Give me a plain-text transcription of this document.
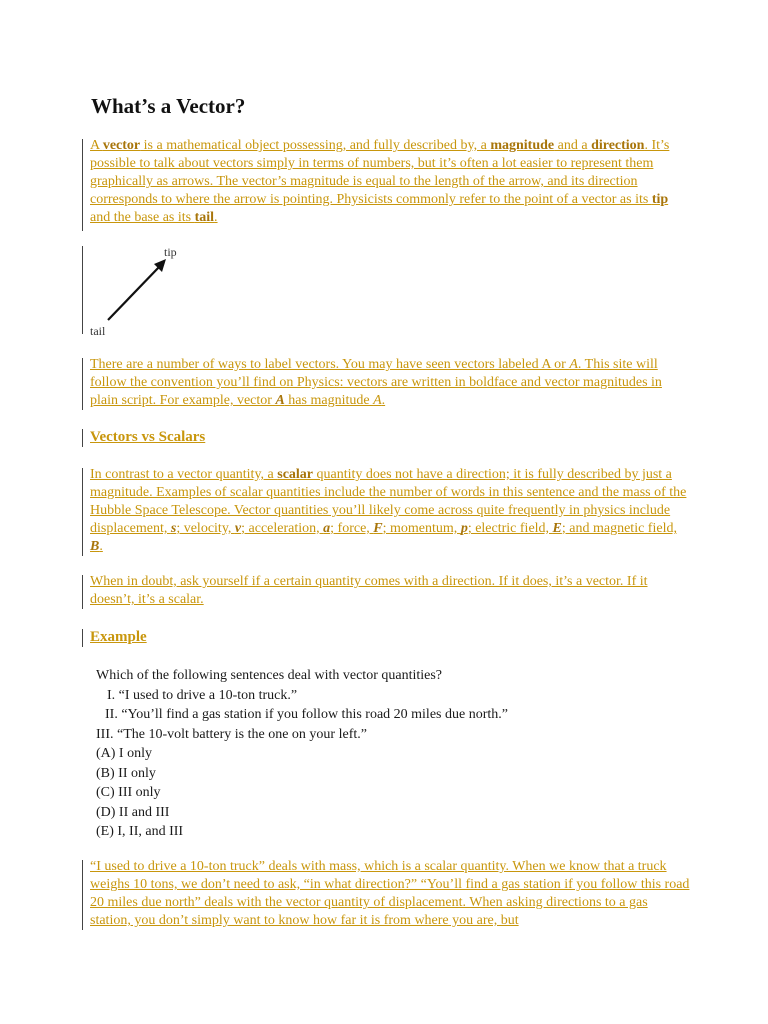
What’s a Vector?
A vector is a mathematical object possessing, and fully described by, a magnitude and a direction. It’s possible to talk about vectors simply in terms of numbers, but it’s often a lot easier to represent them graphically as arrows. The vector’s magnitude is equal to the length of the arrow, and its direction corresponds to where the arrow is pointing. Physicists commonly refer to the point of a vector as its tip and the base as its tail.
tip
tail
There are a number of ways to label vectors. You may have seen vectors labeled A or A. This site will follow the convention you’ll find on Physics: vectors are written in boldface and vector magnitudes in plain script. For example, vector A has magnitude A.
Vectors vs Scalars
In contrast to a vector quantity, a scalar quantity does not have a direction; it is fully described by just a magnitude. Examples of scalar quantities include the number of words in this sentence and the mass of the Hubble Space Telescope. Vector quantities you’ll likely come across quite frequently in physics include displacement, s; velocity, v; acceleration, a; force, F; momentum, p; electric field, E; and magnetic field, B.
When in doubt, ask yourself if a certain quantity comes with a direction. If it does, it’s a vector. If it doesn’t, it’s a scalar.
Example
Which of the following sentences deal with vector quantities?
I. “I used to drive a 10-ton truck.”
II. “You’ll find a gas station if you follow this road 20 miles due north.”
III. “The 10-volt battery is the one on your left.”
(A) I only
(B) II only
(C) III only
(D) II and III
(E) I, II, and III
“I used to drive a 10-ton truck” deals with mass, which is a scalar quantity. When we know that a truck weighs 10 tons, we don’t need to ask, “in what direction?” “You’ll find a gas station if you follow this road 20 miles due north” deals with the vector quantity of displacement. When asking directions to a gas station, you don’t simply want to know how far it is from where you are, but
